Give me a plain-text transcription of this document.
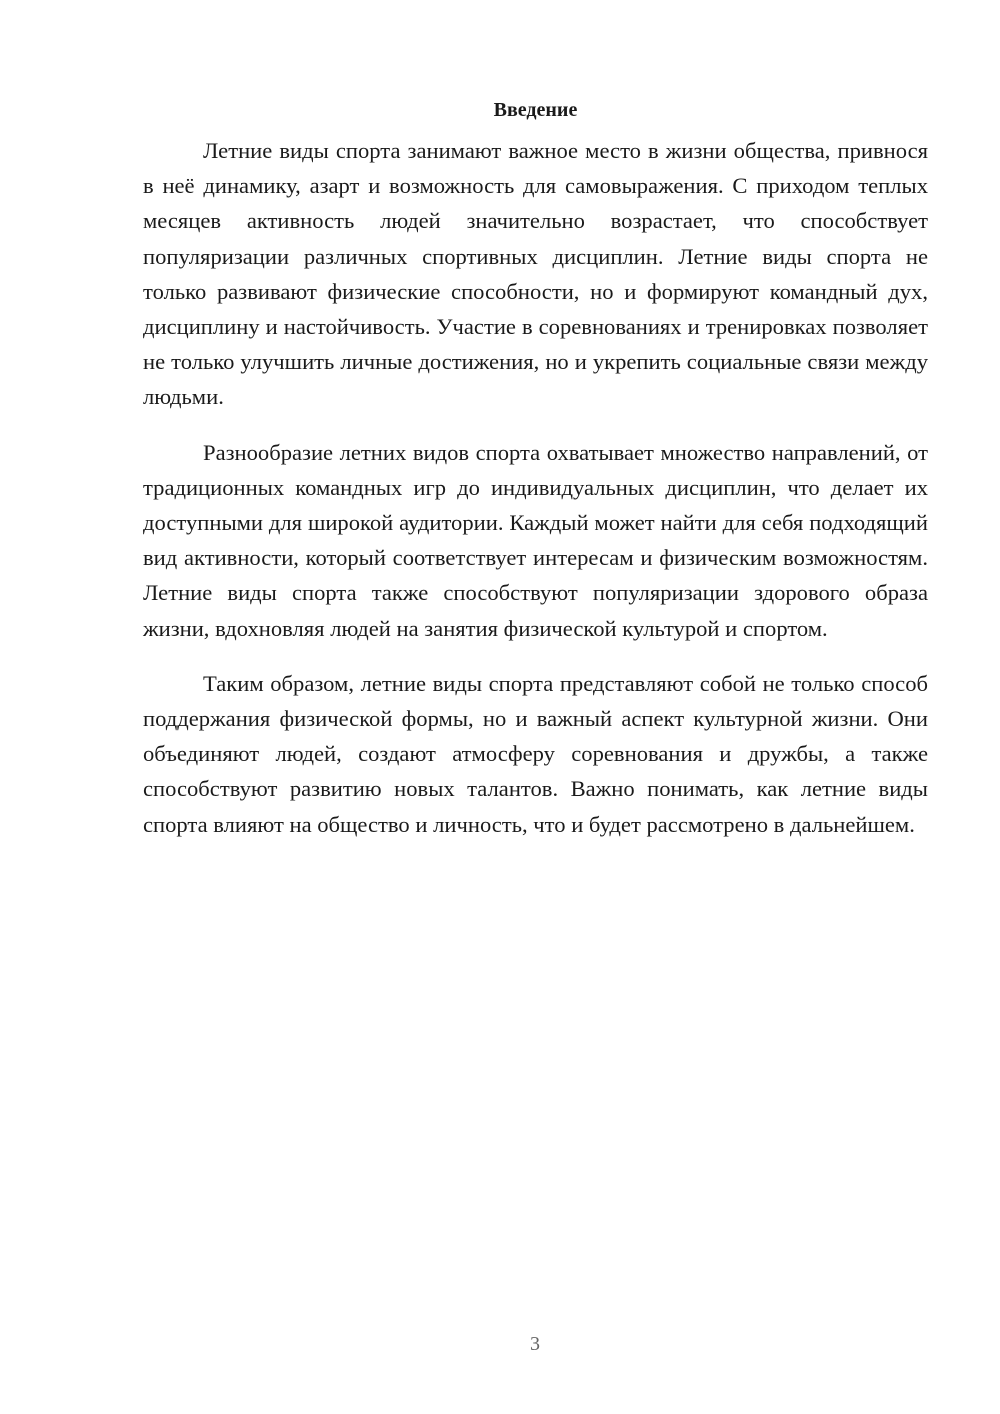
Введение

Летние виды спорта занимают важное место в жизни общества, привнося в неё динамику, азарт и возможность для самовыражения. С приходом теплых месяцев активность людей значительно возрастает, что способствует популяризации различных спортивных дисциплин. Летние виды спорта не только развивают физические способности, но и формируют командный дух, дисциплину и настойчивость. Участие в соревнованиях и тренировках позволяет не только улучшить личные достижения, но и укрепить социальные связи между людьми.

Разнообразие летних видов спорта охватывает множество направлений, от традиционных командных игр до индивидуальных дисциплин, что делает их доступными для широкой аудитории. Каждый может найти для себя подходящий вид активности, который соответствует интересам и физическим возможностям. Летние виды спорта также способствуют популяризации здорового образа жизни, вдохновляя людей на занятия физической культурой и спортом.

Таким образом, летние виды спорта представляют собой не только способ поддержания физической формы, но и важный аспект культурной жизни. Они объединяют людей, создают атмосферу соревнования и дружбы, а также способствуют развитию новых талантов. Важно понимать, как летние виды спорта влияют на общество и личность, что и будет рассмотрено в дальнейшем.

3
